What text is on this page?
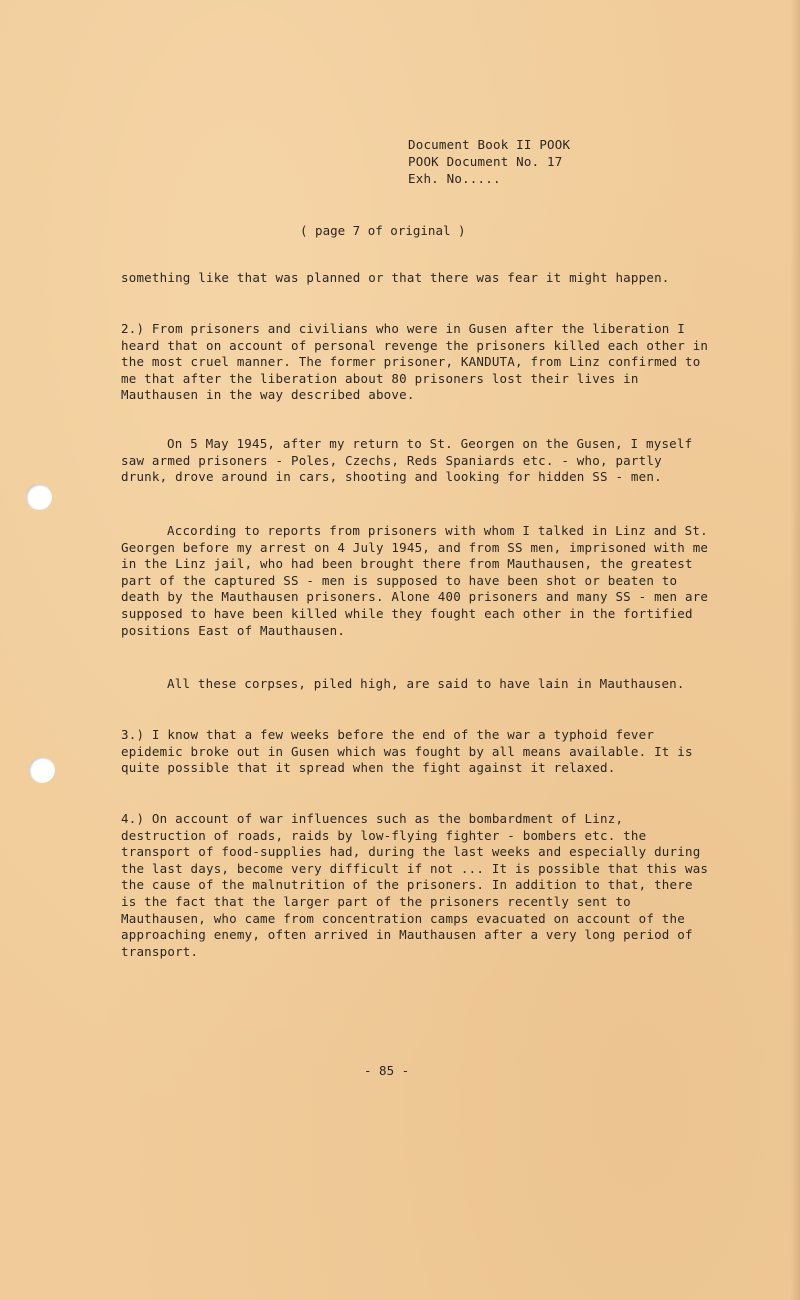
Document Book II POOK
POOK Document No. 17
Exh. No.....
( page 7 of original )

something like that was planned or that there was fear it might happen.

2.) From prisoners and civilians who were in Gusen after the liberation I heard that on account of personal revenge the prisoners killed each other in the most cruel manner. The former prisoner, KANDUTA, from Linz confirmed to me that after the liberation about 80 prisoners lost their lives in Mauthausen in the way described above.

On 5 May 1945, after my return to St. Georgen on the Gusen, I myself saw armed prisoners - Poles, Czechs, Reds Spaniards etc. - who, partly drunk, drove around in cars, shooting and looking for hidden SS - men.

According to reports from prisoners with whom I talked in Linz and St. Georgen before my arrest on 4 July 1945, and from SS men, imprisoned with me in the Linz jail, who had been brought there from Mauthausen, the greatest part of the captured SS - men is supposed to have been shot or beaten to death by the Mauthausen prisoners. Alone 400 prisoners and many SS - men are supposed to have been killed while they fought each other in the fortified positions East of Mauthausen.

All these corpses, piled high, are said to have lain in Mauthausen.

3.) I know that a few weeks before the end of the war a typhoid fever epidemic broke out in Gusen which was fought by all means available. It is quite possible that it spread when the fight against it relaxed.

4.) On account of war influences such as the bombardment of Linz, destruction of roads, raids by low-flying fighter - bombers etc. the transport of food-supplies had, during the last weeks and especially during the last days, become very difficult if not ... It is possible that this was the cause of the malnutrition of the prisoners. In addition to that, there is the fact that the larger part of the prisoners recently sent to Mauthausen, who came from concentration camps evacuated on account of the approaching enemy, often arrived in Mauthausen after a very long period of transport.

- 85 -
